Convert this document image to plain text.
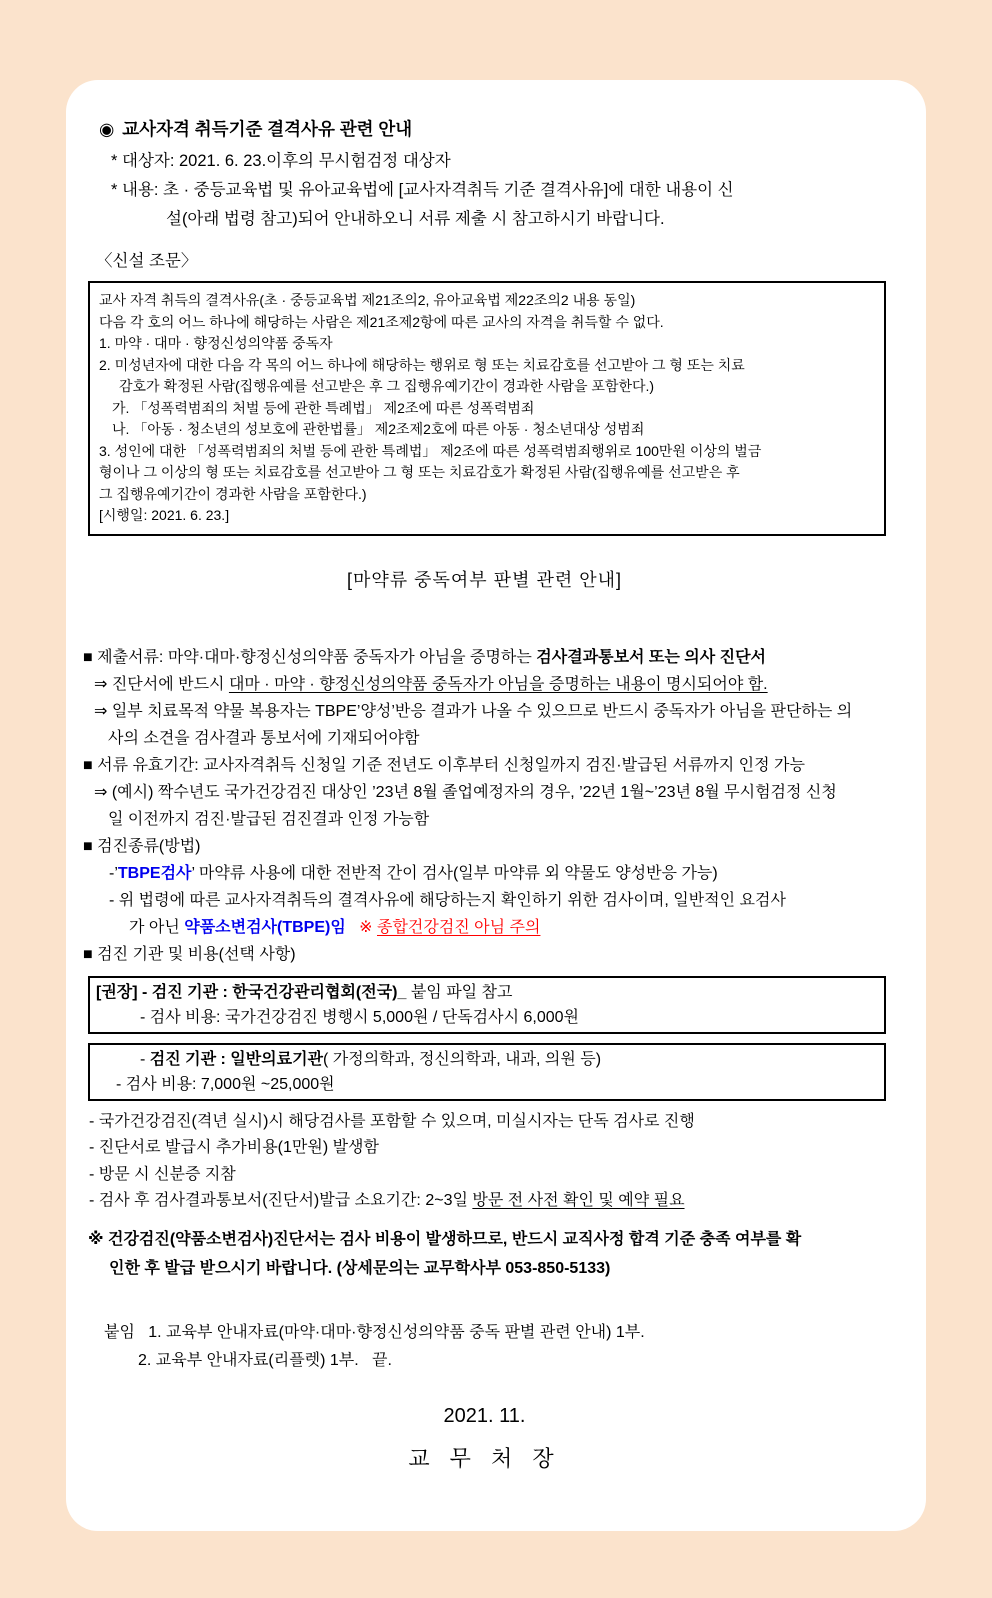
◉ 교사자격 취득기준 결격사유 관련 안내
* 대상자: 2021. 6. 23.이후의 무시험검정 대상자
* 내용: 초 · 중등교육법 및 유아교육법에 [교사자격취득 기준 결격사유]에 대한 내용이 신
설(아래 법령 참고)되어 안내하오니 서류 제출 시 참고하시기 바랍니다.
〈신설 조문〉
교사 자격 취득의 결격사유(초 · 중등교육법 제21조의2, 유아교육법 제22조의2 내용 동일)
다음 각 호의 어느 하나에 해당하는 사람은 제21조제2항에 따른 교사의 자격을 취득할 수 없다.
1. 마약 · 대마 · 향정신성의약품 중독자
2. 미성년자에 대한 다음 각 목의 어느 하나에 해당하는 행위로 형 또는 치료감호를 선고받아 그 형 또는 치료
감호가 확정된 사람(집행유예를 선고받은 후 그 집행유예기간이 경과한 사람을 포함한다.)
가. 「성폭력범죄의 처벌 등에 관한 특례법」 제2조에 따른 성폭력범죄
나. 「아동 · 청소년의 성보호에 관한법률」 제2조제2호에 따른 아동 · 청소년대상 성범죄
3. 성인에 대한 「성폭력범죄의 처벌 등에 관한 특례법」 제2조에 따른 성폭력범죄행위로 100만원 이상의 벌금
형이나 그 이상의 형 또는 치료감호를 선고받아 그 형 또는 치료감호가 확정된 사람(집행유예를 선고받은 후
그 집행유예기간이 경과한 사람을 포함한다.)
[시행일: 2021. 6. 23.]
[마약류 중독여부 판별 관련 안내]
■ 제출서류: 마약·대마·향정신성의약품 중독자가 아님을 증명하는 검사결과통보서 또는 의사 진단서
⇒ 진단서에 반드시 대마 · 마약 · 향정신성의약품 중독자가 아님을 증명하는 내용이 명시되어야 함.
⇒ 일부 치료목적 약물 복용자는 TBPE’양성’반응 결과가 나올 수 있으므로 반드시 중독자가 아님을 판단하는 의
사의 소견을 검사결과 통보서에 기재되어야함
■ 서류 유효기간: 교사자격취득 신청일 기준 전년도 이후부터 신청일까지 검진·발급된 서류까지 인정 가능
⇒ (예시) 짝수년도 국가건강검진 대상인 ’23년 8월 졸업예정자의 경우, ’22년 1월~’23년 8월 무시험검정 신청
일 이전까지 검진·발급된 검진결과 인정 가능함
■ 검진종류(방법)
-’TBPE검사’ 마약류 사용에 대한 전반적 간이 검사(일부 마약류 외 약물도 양성반응 가능)
- 위 법령에 따른 교사자격취득의 결격사유에 해당하는지 확인하기 위한 검사이며, 일반적인 요검사
가 아닌 약품소변검사(TBPE)임 ※ 종합건강검진 아님 주의
■ 검진 기관 및 비용(선택 사항)
[권장] - 검진 기관 : 한국건강관리협회(전국)_ 붙임 파일 참고
- 검사 비용: 국가건강검진 병행시 5,000원 / 단독검사시 6,000원
- 검진 기관 : 일반의료기관( 가정의학과, 정신의학과, 내과, 의원 등)
- 검사 비용: 7,000원 ~25,000원
- 국가건강검진(격년 실시)시 해당검사를 포함할 수 있으며, 미실시자는 단독 검사로 진행
- 진단서로 발급시 추가비용(1만원) 발생함
- 방문 시 신분증 지참
- 검사 후 검사결과통보서(진단서)발급 소요기간: 2~3일 방문 전 사전 확인 및 예약 필요
※ 건강검진(약품소변검사)진단서는 검사 비용이 발생하므로, 반드시 교직사정 합격 기준 충족 여부를 확
인한 후 발급 받으시기 바랍니다. (상세문의는 교무학사부 053-850-5133)
붙임   1. 교육부 안내자료(마약·대마·향정신성의약품 중독 판별 관련 안내) 1부.
2. 교육부 안내자료(리플렛) 1부.   끝.
2021. 11.
교 무 처 장
